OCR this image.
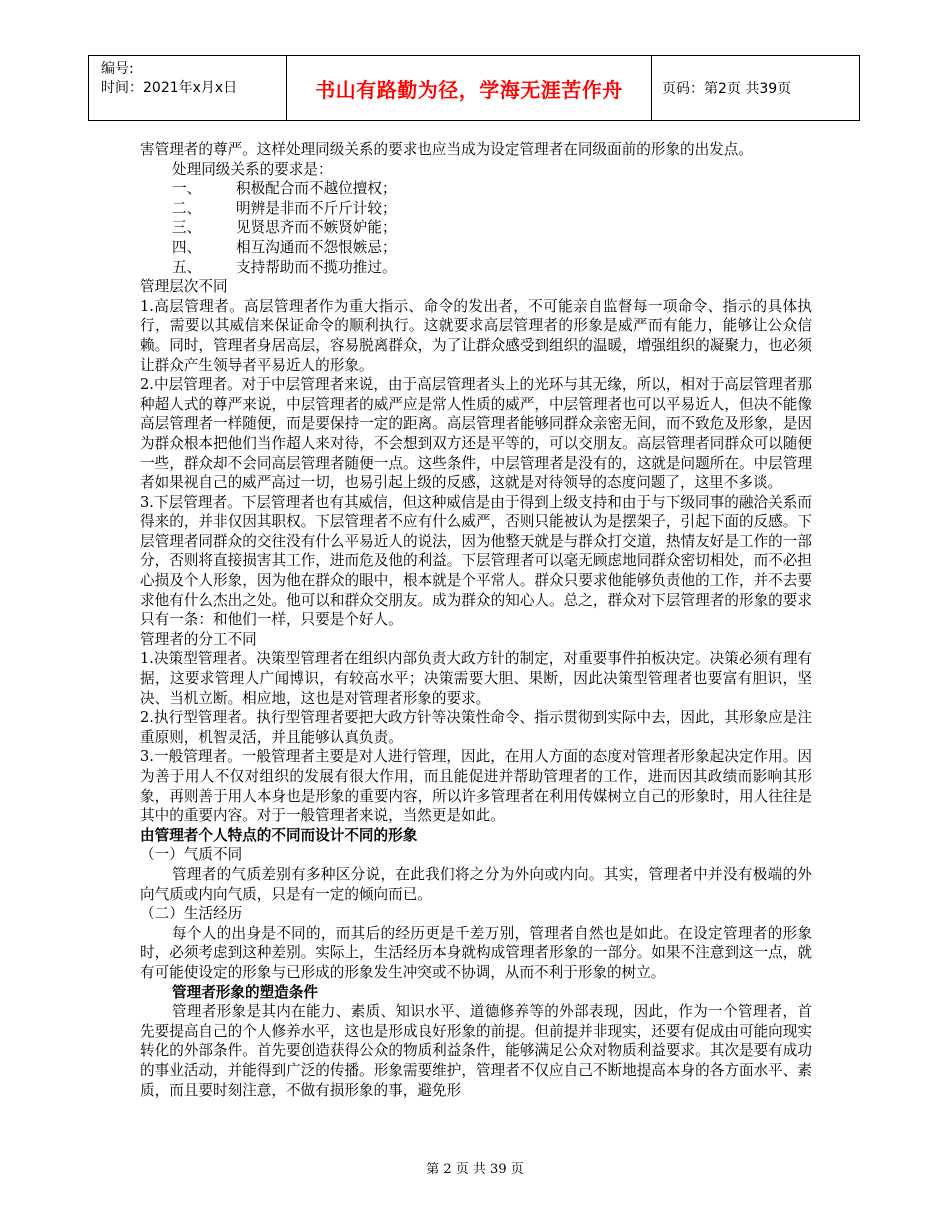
编号:
时间：2021年x月x日	书山有路勤为径，学海无涯苦作舟	页码：第2页 共39页

害管理者的尊严。这样处理同级关系的要求也应当成为设定管理者在同级面前的形象的出发点。

处理同级关系的要求是：

一、	积极配合而不越位擅权；
二、	明辨是非而不斤斤计较；
三、	见贤思齐而不嫉贤妒能；
四、	相互沟通而不怨恨嫉忌；
五、	支持帮助而不揽功推过。

管理层次不同

1.高层管理者。高层管理者作为重大指示、命令的发出者，不可能亲自监督每一项命令、指示的具体执行，需要以其威信来保证命令的顺利执行。这就要求高层管理者的形象是威严而有能力，能够让公众信赖。同时，管理者身居高层，容易脱离群众，为了让群众感受到组织的温暖，增强组织的凝聚力，也必须让群众产生领导者平易近人的形象。

2.中层管理者。对于中层管理者来说，由于高层管理者头上的光环与其无缘，所以，相对于高层管理者那种超人式的尊严来说，中层管理者的威严应是常人性质的威严，中层管理者也可以平易近人，但决不能像高层管理者一样随便，而是要保持一定的距离。高层管理者能够同群众亲密无间，而不致危及形象，是因为群众根本把他们当作超人来对待，不会想到双方还是平等的，可以交朋友。高层管理者同群众可以随便一些，群众却不会同高层管理者随便一点。这些条件，中层管理者是没有的，这就是问题所在。中层管理者如果视自己的威严高过一切，也易引起上级的反感，这就是对待领导的态度问题了，这里不多谈。

3.下层管理者。下层管理者也有其威信，但这种威信是由于得到上级支持和由于与下级同事的融洽关系而得来的，并非仅因其职权。下层管理者不应有什么威严，否则只能被认为是摆架子，引起下面的反感。下层管理者同群众的交往没有什么平易近人的说法，因为他整天就是与群众打交道，热情友好是工作的一部分，否则将直接损害其工作，进而危及他的利益。下层管理者可以毫无顾虑地同群众密切相处，而不必担心损及个人形象，因为他在群众的眼中，根本就是个平常人。群众只要求他能够负责他的工作，并不去要求他有什么杰出之处。他可以和群众交朋友。成为群众的知心人。总之，群众对下层管理者的形象的要求只有一条：和他们一样，只要是个好人。

管理者的分工不同

1.决策型管理者。决策型管理者在组织内部负责大政方针的制定，对重要事件拍板决定。决策必须有理有据，这要求管理人广闻博识，有较高水平；决策需要大胆、果断，因此决策型管理者也要富有胆识，坚决、当机立断。相应地，这也是对管理者形象的要求。

2.执行型管理者。执行型管理者要把大政方针等决策性命令、指示贯彻到实际中去，因此，其形象应是注重原则，机智灵活，并且能够认真负责。

3.一般管理者。一般管理者主要是对人进行管理，因此，在用人方面的态度对管理者形象起决定作用。因为善于用人不仅对组织的发展有很大作用，而且能促进并帮助管理者的工作，进而因其政绩而影响其形象，再则善于用人本身也是形象的重要内容，所以许多管理者在利用传媒树立自己的形象时，用人往往是其中的重要内容。对于一般管理者来说，当然更是如此。

由管理者个人特点的不同而设计不同的形象

（一）气质不同

管理者的气质差别有多种区分说，在此我们将之分为外向或内向。其实，管理者中并没有极端的外向气质或内向气质，只是有一定的倾向而已。

（二）生活经历

每个人的出身是不同的，而其后的经历更是千差万别，管理者自然也是如此。在设定管理者的形象时，必须考虑到这种差别。实际上，生活经历本身就构成管理者形象的一部分。如果不注意到这一点，就有可能使设定的形象与已形成的形象发生冲突或不协调，从而不利于形象的树立。

管理者形象的塑造条件

管理者形象是其内在能力、素质、知识水平、道德修养等的外部表现，因此，作为一个管理者，首先要提高自己的个人修养水平，这也是形成良好形象的前提。但前提并非现实，还要有促成由可能向现实转化的外部条件。首先要创造获得公众的物质利益条件，能够满足公众对物质利益要求。其次是要有成功的事业活动，并能得到广泛的传播。形象需要维护，管理者不仅应自己不断地提高本身的各方面水平、素质，而且要时刻注意，不做有损形象的事，避免形

第 2 页 共 39 页
